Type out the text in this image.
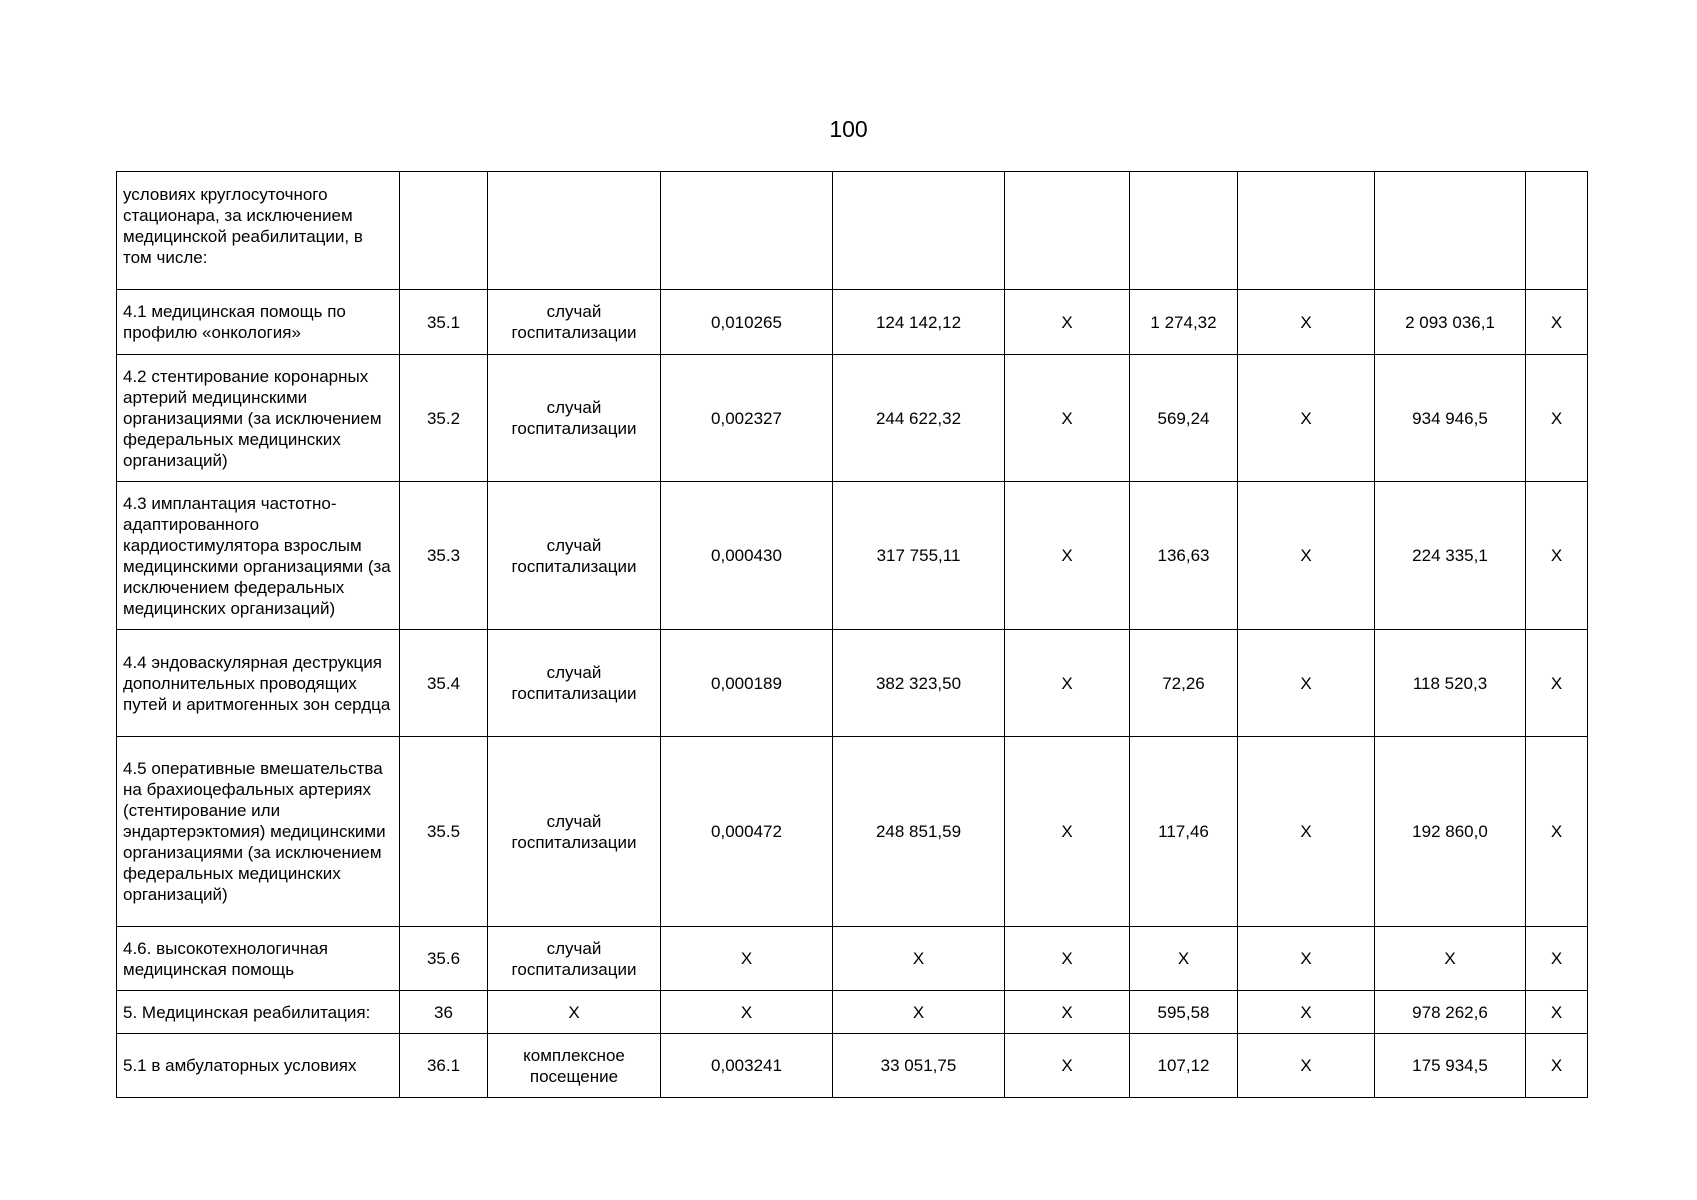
100
условиях круглосуточного стационара, за исключением медицинской реабилитации, в том числе:									
4.1 медицинская помощь по профилю «онкология»	35.1	случай госпитализации	0,010265	124 142,12	Х	1 274,32	Х	2 093 036,1	Х
4.2 стентирование коронарных артерий медицинскими организациями (за исключением федеральных медицинских организаций)	35.2	случай госпитализации	0,002327	244 622,32	Х	569,24	Х	934 946,5	Х
4.3 имплантация частотно-адаптированного кардиостимулятора взрослым медицинскими организациями (за исключением федеральных медицинских организаций)	35.3	случай госпитализации	0,000430	317 755,11	Х	136,63	Х	224 335,1	Х
4.4 эндоваскулярная деструкция дополнительных проводящих путей и аритмогенных зон сердца	35.4	случай госпитализации	0,000189	382 323,50	Х	72,26	Х	118 520,3	Х
4.5 оперативные вмешательства на брахиоцефальных артериях (стентирование или эндартерэктомия) медицинскими организациями (за исключением федеральных медицинских организаций)	35.5	случай госпитализации	0,000472	248 851,59	Х	117,46	Х	192 860,0	Х
4.6. высокотехнологичная медицинская помощь	35.6	случай госпитализации	Х	Х	Х	Х	Х	Х	Х
5. Медицинская реабилитация:	36	Х	Х	Х	Х	595,58	Х	978 262,6	Х
5.1 в амбулаторных условиях	36.1	комплексное посещение	0,003241	33 051,75	Х	107,12	Х	175 934,5	Х
